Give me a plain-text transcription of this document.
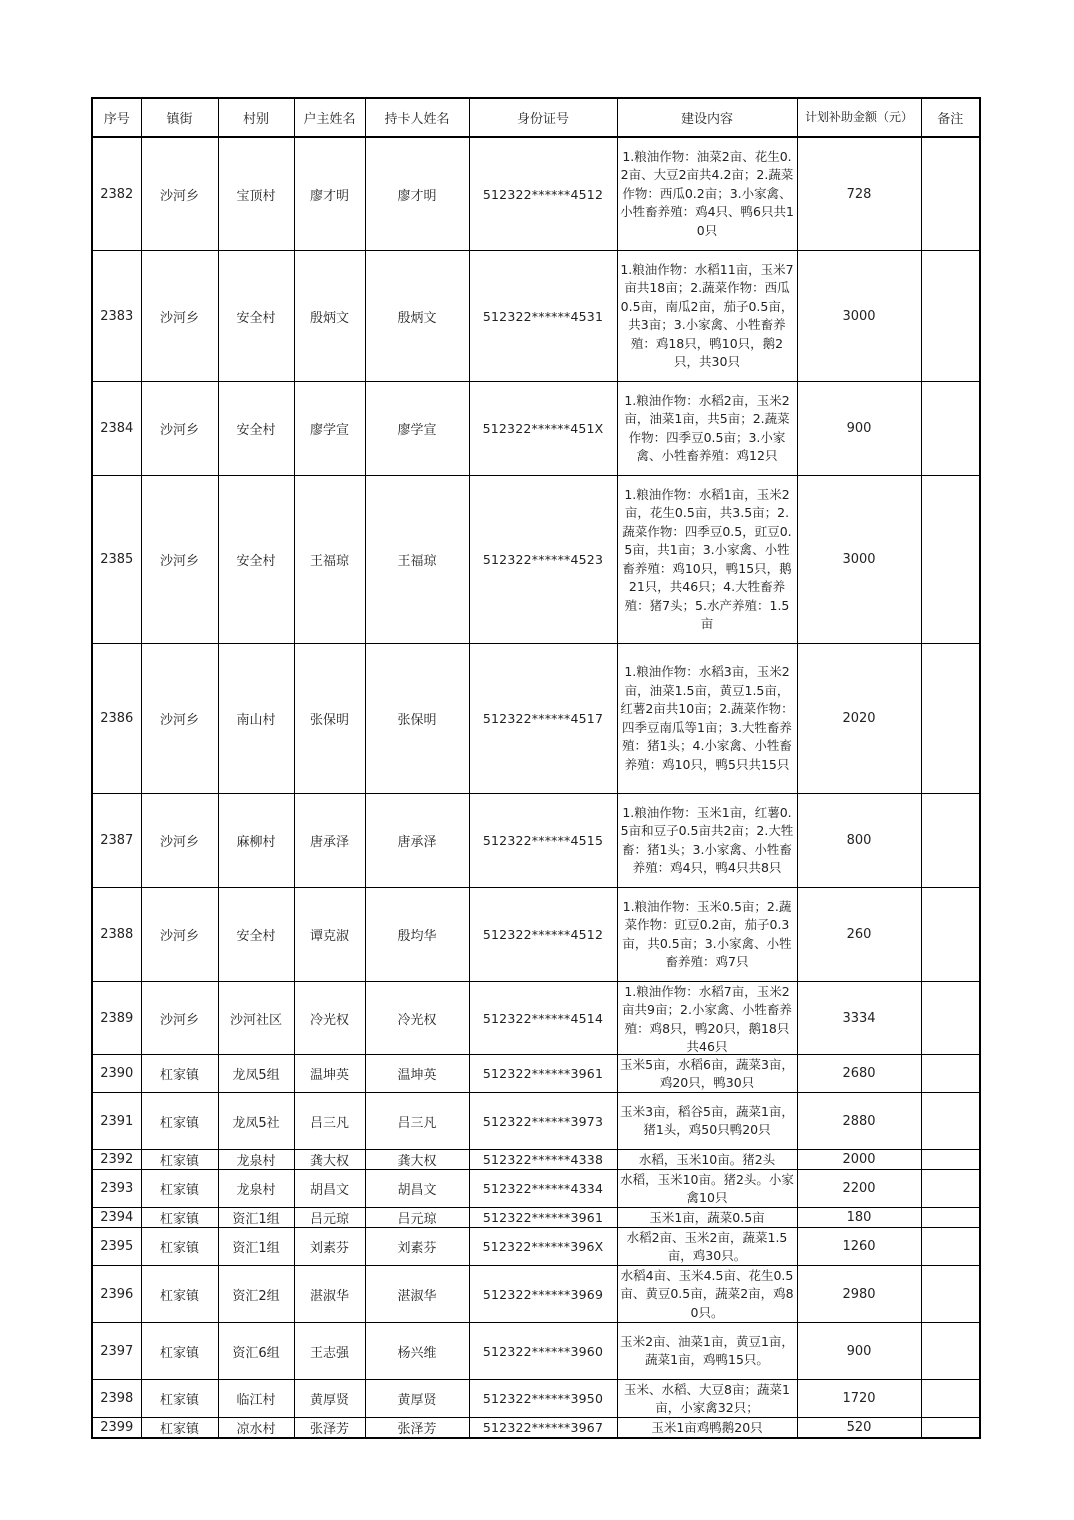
序号	镇街	村别	户主姓名	持卡人姓名	身份证号	建设内容	计划补助金额（元）	备注
2382	沙河乡	宝顶村	廖才明	廖才明	512322******4512	1.粮油作物：油菜2亩、花生0.2亩、大豆2亩共4.2亩；2.蔬菜作物：西瓜0.2亩；3.小家禽、小牲畜养殖：鸡4只、鸭6只共10只	728	
2383	沙河乡	安全村	殷炳文	殷炳文	512322******4531	1.粮油作物：水稻11亩，玉米7亩共18亩；2.蔬菜作物：西瓜0.5亩，南瓜2亩，茄子0.5亩，共3亩；3.小家禽、小牲畜养殖：鸡18只，鸭10只，鹅2只，共30只	3000	
2384	沙河乡	安全村	廖学宣	廖学宣	512322******451X	1.粮油作物：水稻2亩，玉米2亩，油菜1亩，共5亩；2.蔬菜作物：四季豆0.5亩；3.小家禽、小牲畜养殖：鸡12只	900	
2385	沙河乡	安全村	王福琼	王福琼	512322******4523	1.粮油作物：水稻1亩，玉米2亩，花生0.5亩，共3.5亩；2.蔬菜作物：四季豆0.5，豇豆0.5亩，共1亩；3.小家禽、小牲畜养殖：鸡10只，鸭15只，鹅21只，共46只；4.大牲畜养殖：猪7头；5.水产养殖：1.5亩	3000	
2386	沙河乡	南山村	张保明	张保明	512322******4517	1.粮油作物：水稻3亩，玉米2亩，油菜1.5亩，黄豆1.5亩，红薯2亩共10亩；2.蔬菜作物：四季豆南瓜等1亩；3.大牲畜养殖：猪1头；4.小家禽、小牲畜养殖：鸡10只，鸭5只共15只	2020	
2387	沙河乡	麻柳村	唐承泽	唐承泽	512322******4515	1.粮油作物：玉米1亩，红薯0.5亩和豆子0.5亩共2亩；2.大牲畜：猪1头；3.小家禽、小牲畜养殖：鸡4只，鸭4只共8只	800	
2388	沙河乡	安全村	谭克淑	殷均华	512322******4512	1.粮油作物：玉米0.5亩；2.蔬菜作物：豇豆0.2亩，茄子0.3亩，共0.5亩；3.小家禽、小牲畜养殖：鸡7只	260	
2389	沙河乡	沙河社区	冷光权	冷光权	512322******4514	1.粮油作物：水稻7亩，玉米2亩共9亩；2.小家禽、小牲畜养殖：鸡8只，鸭20只，鹅18只共46只	3334	
2390	杠家镇	龙凤5组	温坤英	温坤英	512322******3961	玉米5亩，水稻6亩，蔬菜3亩，鸡20只，鸭30只	2680	
2391	杠家镇	龙凤5社	吕三凡	吕三凡	512322******3973	玉米3亩，稻谷5亩，蔬菜1亩，猪1头，鸡50只鸭20只	2880	
2392	杠家镇	龙泉村	龚大权	龚大权	512322******4338	水稻，玉米10亩。猪2头	2000	
2393	杠家镇	龙泉村	胡昌文	胡昌文	512322******4334	水稻，玉米10亩。猪2头。小家禽10只	2200	
2394	杠家镇	资汇1组	吕元琼	吕元琼	512322******3961	玉米1亩，蔬菜0.5亩	180	
2395	杠家镇	资汇1组	刘素芬	刘素芬	512322******396X	水稻2亩、玉米2亩，蔬菜1.5亩，鸡30只。	1260	
2396	杠家镇	资汇2组	湛淑华	湛淑华	512322******3969	水稻4亩、玉米4.5亩、花生0.5亩、黄豆0.5亩，蔬菜2亩，鸡80只。	2980	
2397	杠家镇	资汇6组	王志强	杨兴维	512322******3960	玉米2亩、油菜1亩，黄豆1亩，蔬菜1亩，鸡鸭15只。	900	
2398	杠家镇	临江村	黄厚贤	黄厚贤	512322******3950	玉米、水稻、大豆8亩；蔬菜1亩，小家禽32只；	1720	
2399	杠家镇	凉水村	张泽芳	张泽芳	512322******3967	玉米1亩鸡鸭鹅20只	520	
